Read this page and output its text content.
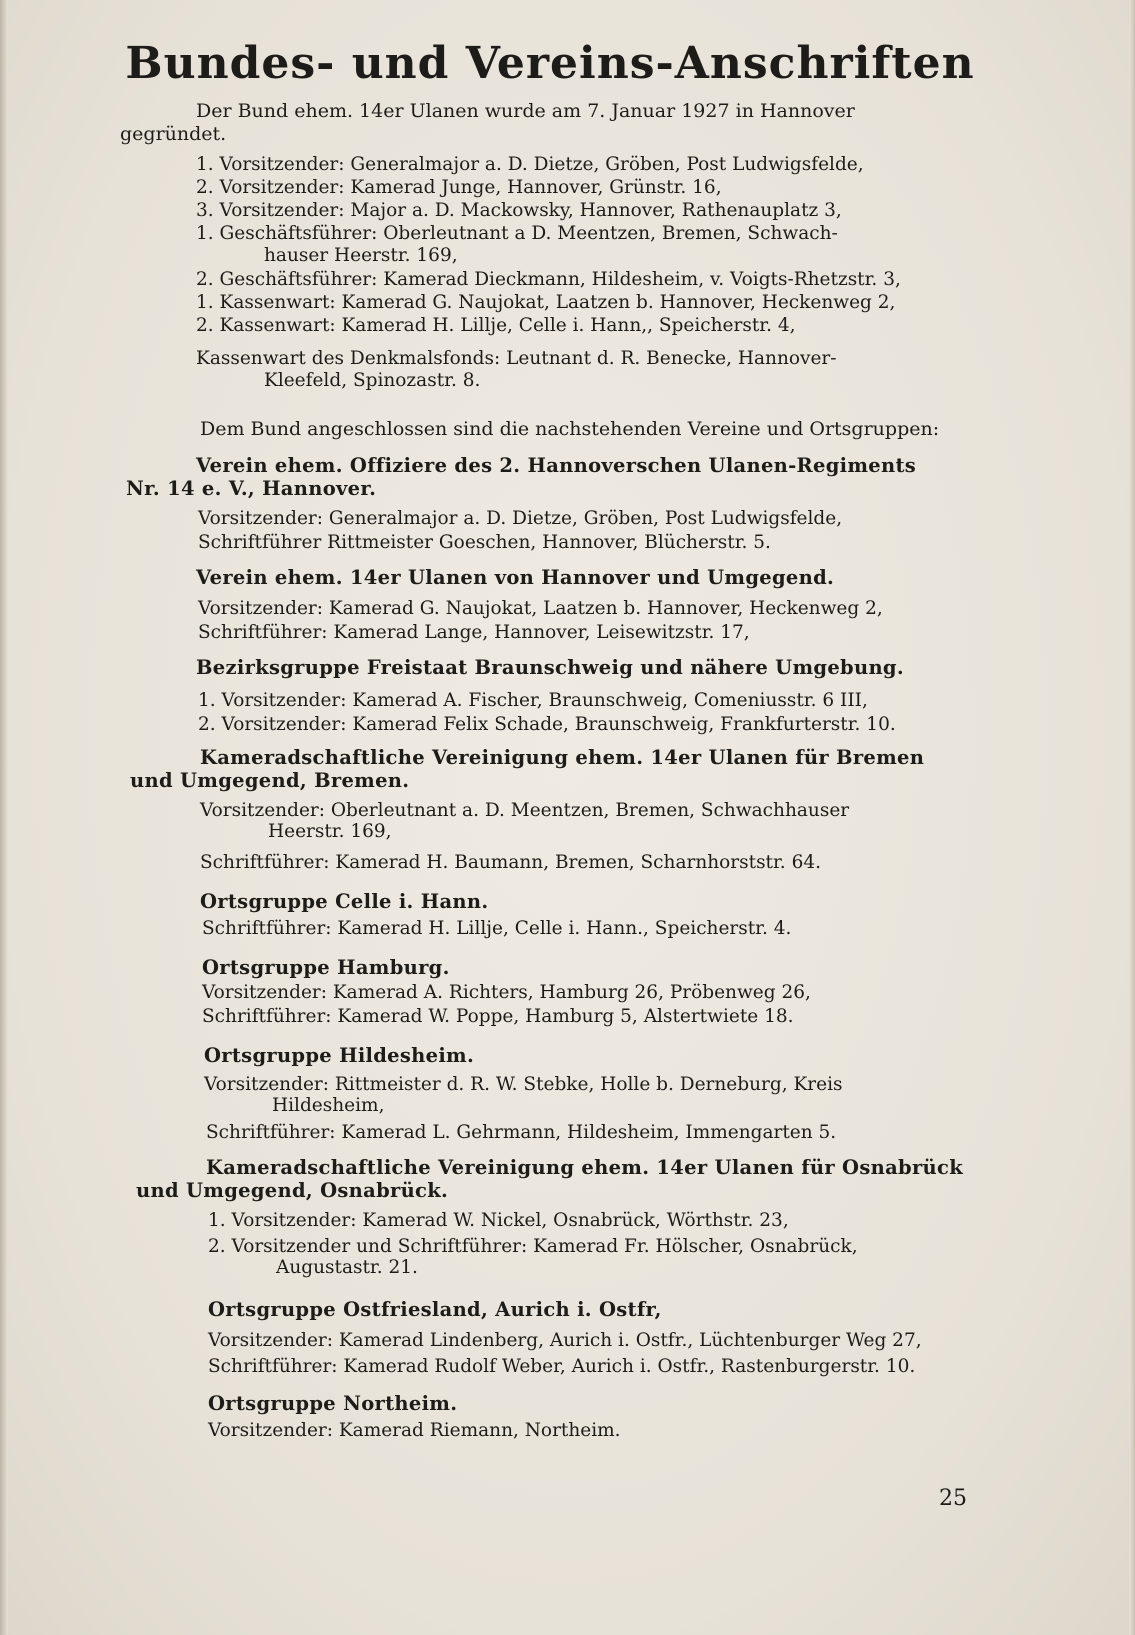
Bundes- und Vereins-Anschriften
Der Bund ehem. 14er Ulanen wurde am 7. Januar 1927 in Hannover
gegründet.
1. Vorsitzender: Generalmajor a. D. Dietze, Gröben, Post Ludwigsfelde,
2. Vorsitzender: Kamerad Junge, Hannover, Grünstr. 16,
3. Vorsitzender: Major a. D. Mackowsky, Hannover, Rathenauplatz 3,
1. Geschäftsführer: Oberleutnant a D. Meentzen, Bremen, Schwach-
hauser Heerstr. 169,
2. Geschäftsführer: Kamerad Dieckmann, Hildesheim, v. Voigts-Rhetzstr. 3,
1. Kassenwart: Kamerad G. Naujokat, Laatzen b. Hannover, Heckenweg 2,
2. Kassenwart: Kamerad H. Lillje, Celle i. Hann,, Speicherstr. 4,
Kassenwart des Denkmalsfonds: Leutnant d. R. Benecke, Hannover-
Kleefeld, Spinozastr. 8.
Dem Bund angeschlossen sind die nachstehenden Vereine und Ortsgruppen:
Verein ehem. Offiziere des 2. Hannoverschen Ulanen-Regiments
Nr. 14 e. V., Hannover.
Vorsitzender: Generalmajor a. D. Dietze, Gröben, Post Ludwigsfelde,
Schriftführer Rittmeister Goeschen, Hannover, Blücherstr. 5.
Verein ehem. 14er Ulanen von Hannover und Umgegend.
Vorsitzender: Kamerad G. Naujokat, Laatzen b. Hannover, Heckenweg 2,
Schriftführer: Kamerad Lange, Hannover, Leisewitzstr. 17,
Bezirksgruppe Freistaat Braunschweig und nähere Umgebung.
1. Vorsitzender: Kamerad A. Fischer, Braunschweig, Comeniusstr. 6 III,
2. Vorsitzender: Kamerad Felix Schade, Braunschweig, Frankfurterstr. 10.
Kameradschaftliche Vereinigung ehem. 14er Ulanen für Bremen
und Umgegend, Bremen.
Vorsitzender: Oberleutnant a. D. Meentzen, Bremen, Schwachhauser
Heerstr. 169,
Schriftführer: Kamerad H. Baumann, Bremen, Scharnhorststr. 64.
Ortsgruppe Celle i. Hann.
Schriftführer: Kamerad H. Lillje, Celle i. Hann., Speicherstr. 4.
Ortsgruppe Hamburg.
Vorsitzender: Kamerad A. Richters, Hamburg 26, Pröbenweg 26,
Schriftführer: Kamerad W. Poppe, Hamburg 5, Alstertwiete 18.
Ortsgruppe Hildesheim.
Vorsitzender: Rittmeister d. R. W. Stebke, Holle b. Derneburg, Kreis
Hildesheim,
Schriftführer: Kamerad L. Gehrmann, Hildesheim, Immengarten 5.
Kameradschaftliche Vereinigung ehem. 14er Ulanen für Osnabrück
und Umgegend, Osnabrück.
1. Vorsitzender: Kamerad W. Nickel, Osnabrück, Wörthstr. 23,
2. Vorsitzender und Schriftführer: Kamerad Fr. Hölscher, Osnabrück,
Augustastr. 21.
Ortsgruppe Ostfriesland, Aurich i. Ostfr,
Vorsitzender: Kamerad Lindenberg, Aurich i. Ostfr., Lüchtenburger Weg 27,
Schriftführer: Kamerad Rudolf Weber, Aurich i. Ostfr., Rastenburgerstr. 10.
Ortsgruppe Northeim.
Vorsitzender: Kamerad Riemann, Northeim.
25
